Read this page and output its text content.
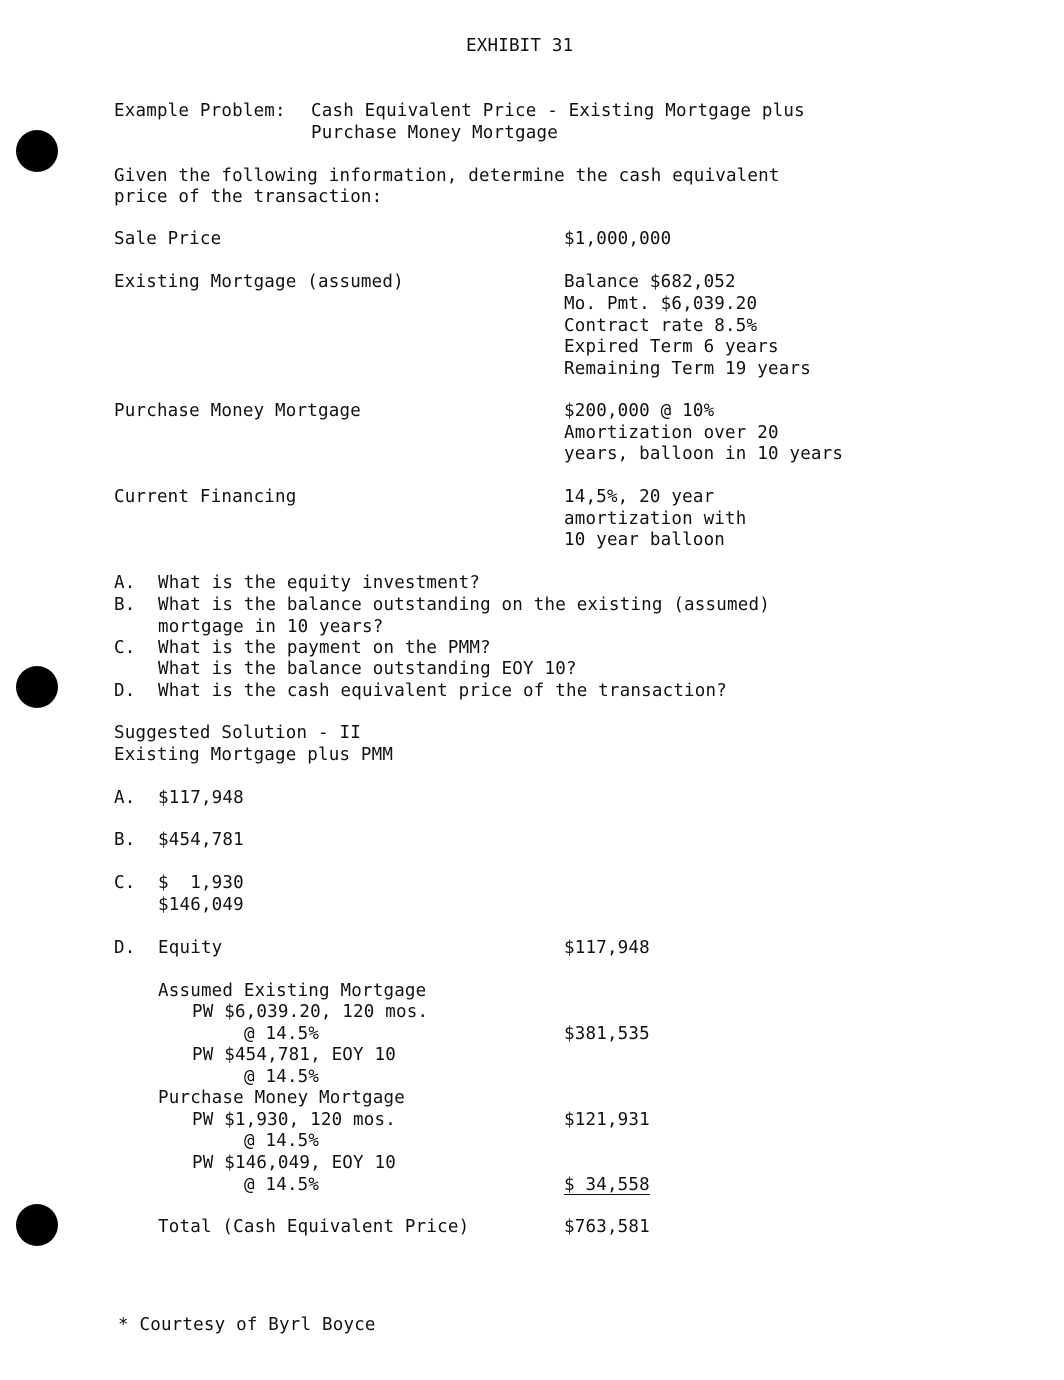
EXHIBIT 31
Example Problem: Cash Equivalent Price - Existing Mortgage plus
Purchase Money Mortgage
Given the following information, determine the cash equivalent
price of the transaction:
Sale Price	$1,000,000
Existing Mortgage (assumed)	Balance $682,052
Mo. Pmt. $6,039.20
Contract rate 8.5%
Expired Term 6 years
Remaining Term 19 years
Purchase Money Mortgage	$200,000 @ 10%
Amortization over 20
years, balloon in 10 years
Current Financing	14,5%, 20 year
amortization with
10 year balloon
A. What is the equity investment?
B. What is the balance outstanding on the existing (assumed)
mortgage in 10 years?
C. What is the payment on the PMM?
What is the balance outstanding EOY 10?
D. What is the cash equivalent price of the transaction?
Suggested Solution - II
Existing Mortgage plus PMM
A. $117,948
B. $454,781
C. $  1,930
$146,049
D. Equity	$117,948
Assumed Existing Mortgage
PW $6,039.20, 120 mos.
@ 14.5%	$381,535
PW $454,781, EOY 10
@ 14.5%
Purchase Money Mortgage
PW $1,930, 120 mos.	$121,931
@ 14.5%
PW $146,049, EOY 10
@ 14.5%	$ 34,558
Total (Cash Equivalent Price)	$763,581
* Courtesy of Byrl Boyce
